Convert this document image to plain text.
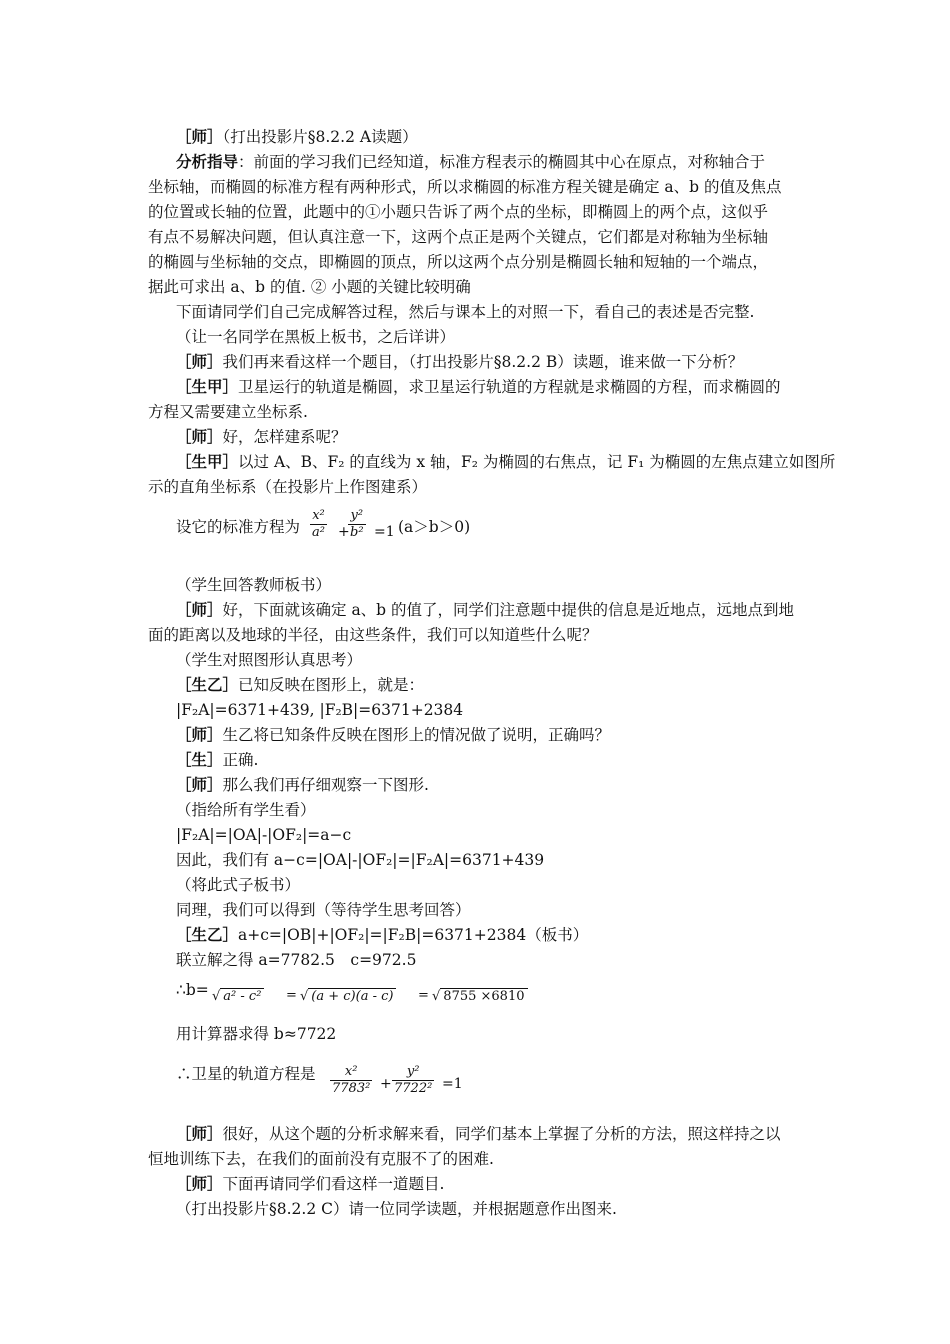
［师］（打出投影片§8.2.2 A读题）
分析指导：前面的学习我们已经知道，标准方程表示的椭圆其中心在原点，对称轴合于
坐标轴，而椭圆的标准方程有两种形式，所以求椭圆的标准方程关键是确定 a、b 的值及焦点
的位置或长轴的位置，此题中的①小题只告诉了两个点的坐标，即椭圆上的两个点，这似乎
有点不易解决问题，但认真注意一下，这两个点正是两个关键点，它们都是对称轴为坐标轴
的椭圆与坐标轴的交点，即椭圆的顶点，所以这两个点分别是椭圆长轴和短轴的一个端点，
据此可求出 a、b 的值. ② 小题的关键比较明确
下面请同学们自己完成解答过程，然后与课本上的对照一下，看自己的表述是否完整.
（让一名同学在黑板上板书，之后详讲）
［师］我们再来看这样一个题目，（打出投影片§8.2.2 B）读题，谁来做一下分析？
［生甲］卫星运行的轨道是椭圆，求卫星运行轨道的方程就是求椭圆的方程，而求椭圆的
方程又需要建立坐标系.
［师］好，怎样建系呢？
［生甲］以过 A、B、F₂ 的直线为 x 轴，F₂ 为椭圆的右焦点，记 F₁ 为椭圆的左焦点建立如图所
示的直角坐标系（在投影片上作图建系）
设它的标准方程为 $\frac{\text{x²}}{\text{a²}}$ +
$\frac{\text{y²}}{\text{b²}} =1$ (a＞b＞0)
（学生回答教师板书）
［师］好，下面就该确定 a、b 的值了，同学们注意题中提供的信息是近地点，远地点到地
面的距离以及地球的半径，由这些条件，我们可以知道些什么呢？
（学生对照图形认真思考）
［生乙］已知反映在图形上，就是：
|F₂A|=6371+439, |F₂B|=6371+2384
［师］生乙将已知条件反映在图形上的情况做了说明，正确吗？
［生］正确.
［师］那么我们再仔细观察一下图形.
（指给所有学生看）
|F₂A|=|OA|-|OF₂|=a−c
因此，我们有 a−c=|OA|-|OF₂|=|F₂A|=6371+439
（将此式子板书）
同理，我们可以得到（等待学生思考回答）
［生乙］a+c=|OB|+|OF₂|=|F₂B|=6371+2384（板书）
联立解之得 a=7782.5　c=972.5
∴b= √ a² - c² = √ (a + c)(a - c) = √ 8755 ×6810
用计算器求得 b≈7722
∴卫星的轨道方程是 $\frac{\text{x²}}{\text{7783²}} + \frac{\text{y²}}{\text{7722²}} =1$
［师］很好，从这个题的分析求解来看，同学们基本上掌握了分析的方法，照这样持之以
恒地训练下去，在我们的面前没有克服不了的困难.
［师］下面再请同学们看这样一道题目.
（打出投影片§8.2.2 C）请一位同学读题，并根据题意作出图来.
